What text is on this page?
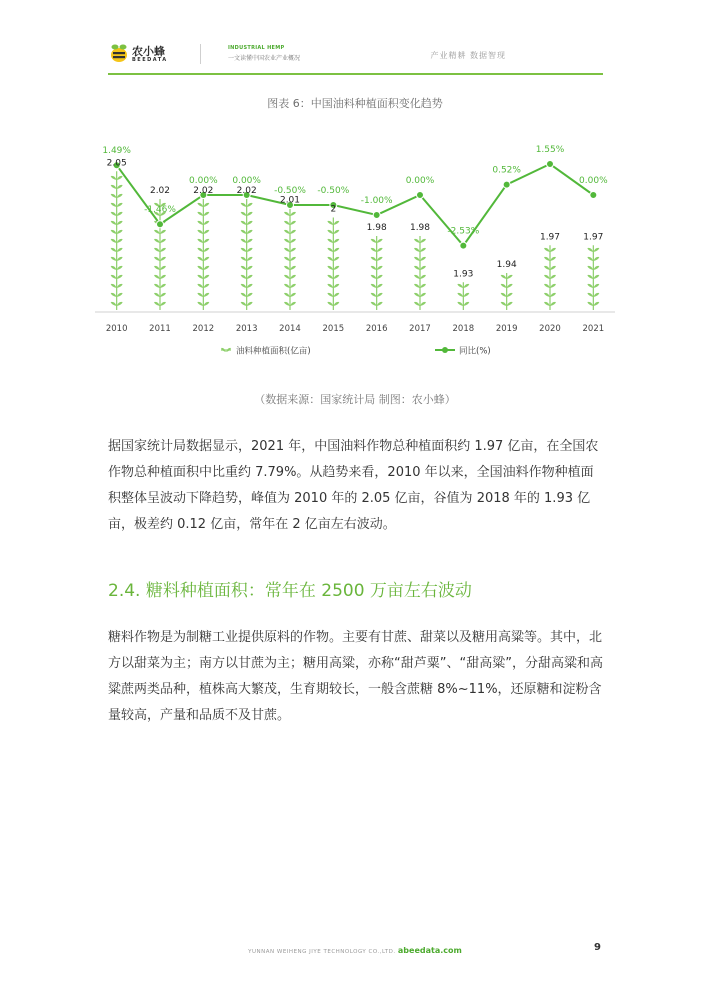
农小蜂
BEEDATA
INDUSTRIAL HEMP
一文读懂中国农业产业概况	产业精耕 数据智现
图表 6：中国油料种植面积变化趋势
2.05
2.02	2.02	2.02
2.01
2
1.98	1.98
1.93
1.94
1.97	1.97
1.49%
-1.46%
0.00% 0.00%
-0.50% -0.50%
-1.00%
0.00%
-2.53%
0.52%
1.55%
0.00%
2010	2011	2012	2013	2014	2015	2016	2017	2018	2019	2020	2021
油料种植面积(亿亩)	同比(%)
（数据来源：国家统计局 制图：农小蜂）

据国家统计局数据显示，2021 年，中国油料作物总种植面积约 1.97 亿亩，在全国农作物总种植面积中比重约 7.79%。从趋势来看，2010 年以来，全国油料作物种植面积整体呈波动下降趋势，峰值为 2010 年的 2.05 亿亩，谷值为 2018 年的 1.93 亿亩，极差约 0.12 亿亩，常年在 2 亿亩左右波动。

2.4. 糖料种植面积：常年在 2500 万亩左右波动

糖料作物是为制糖工业提供原料的作物。主要有甘蔗、甜菜以及糖用高粱等。其中，北方以甜菜为主；南方以甘蔗为主；糖用高粱，亦称“甜芦粟”、“甜高粱”，分甜高粱和高粱蔗两类品种，植株高大繁茂，生育期较长，一般含蔗糖 8%~11%，还原糖和淀粉含量较高，产量和品质不及甘蔗。

YUNNAN WEIHENG JIYE TECHNOLOGY CO.,LTD. abeedata.com	9
